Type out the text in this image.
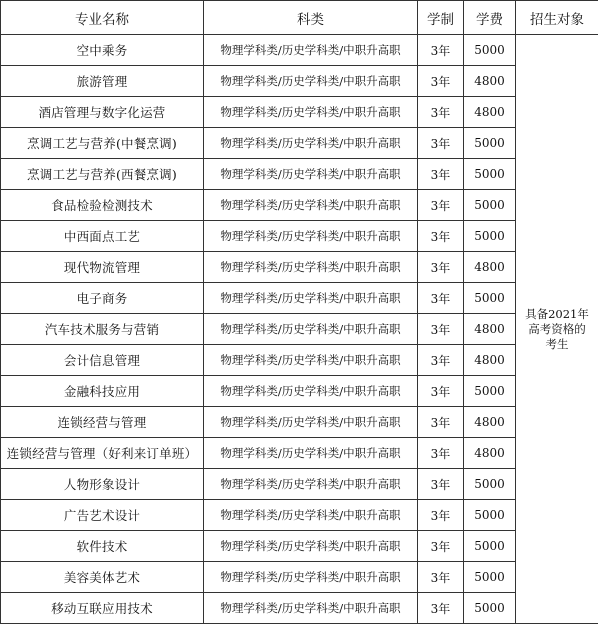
专业名称	科类	学制	学费	招生对象
空中乘务	物理学科类/历史学科类/中职升高职	3年	5000	具备2021年
高考资格的
考生

旅游管理	物理学科类/历史学科类/中职升高职	3年	4800	
酒店管理与数字化运营	物理学科类/历史学科类/中职升高职	3年	4800	
烹调工艺与营养(中餐烹调)	物理学科类/历史学科类/中职升高职	3年	5000	
烹调工艺与营养(西餐烹调)	物理学科类/历史学科类/中职升高职	3年	5000	
食品检验检测技术	物理学科类/历史学科类/中职升高职	3年	5000	
中西面点工艺	物理学科类/历史学科类/中职升高职	3年	5000	
现代物流管理	物理学科类/历史学科类/中职升高职	3年	4800	
电子商务	物理学科类/历史学科类/中职升高职	3年	5000	
汽车技术服务与营销	物理学科类/历史学科类/中职升高职	3年	4800	
会计信息管理	物理学科类/历史学科类/中职升高职	3年	4800	
金融科技应用	物理学科类/历史学科类/中职升高职	3年	5000	
连锁经营与管理	物理学科类/历史学科类/中职升高职	3年	4800	
连锁经营与管理（好利来订单班）	物理学科类/历史学科类/中职升高职	3年	4800	
人物形象设计	物理学科类/历史学科类/中职升高职	3年	5000	
广告艺术设计	物理学科类/历史学科类/中职升高职	3年	5000	
软件技术	物理学科类/历史学科类/中职升高职	3年	5000	
美容美体艺术	物理学科类/历史学科类/中职升高职	3年	5000	
移动互联应用技术	物理学科类/历史学科类/中职升高职	3年	5000	
